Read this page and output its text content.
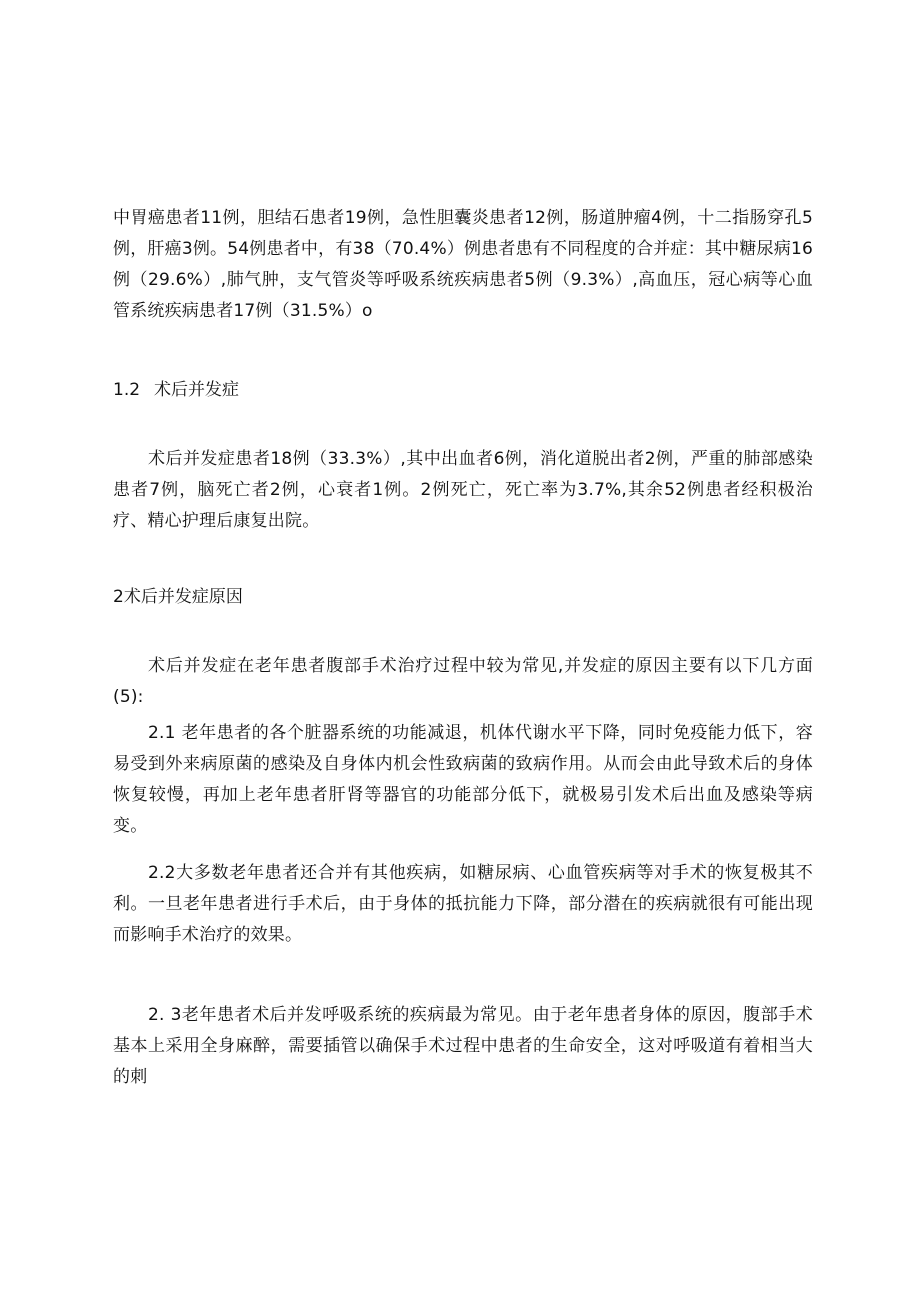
中胃癌患者11例，胆结石患者19例，急性胆囊炎患者12例，肠道肿瘤4例，十二指肠穿孔5例，肝癌3例。54例患者中，有38（70.4%）例患者患有不同程度的合并症：其中糖尿病16例（29.6%）,肺气肿，支气管炎等呼吸系统疾病患者5例（9.3%）,高血压，冠心病等心血管系统疾病患者17例（31.5%）o

1.2 术后并发症

术后并发症患者18例（33.3%）,其中出血者6例，消化道脱出者2例，严重的肺部感染患者7例，脑死亡者2例，心衰者1例。2例死亡，死亡率为3.7%,其余52例患者经积极治疗、精心护理后康复出院。

2术后并发症原因

术后并发症在老年患者腹部手术治疗过程中较为常见,并发症的原因主要有以下几方面(5):

2.1 老年患者的各个脏器系统的功能减退，机体代谢水平下降，同时免疫能力低下，容易受到外来病原菌的感染及自身体内机会性致病菌的致病作用。从而会由此导致术后的身体恢复较慢，再加上老年患者肝肾等器官的功能部分低下，就极易引发术后出血及感染等病变。

2.2大多数老年患者还合并有其他疾病，如糖尿病、心血管疾病等对手术的恢复极其不利。一旦老年患者进行手术后，由于身体的抵抗能力下降，部分潜在的疾病就很有可能出现而影响手术治疗的效果。

2. 3老年患者术后并发呼吸系统的疾病最为常见。由于老年患者身体的原因，腹部手术基本上采用全身麻醉，需要插管以确保手术过程中患者的生命安全，这对呼吸道有着相当大的刺
